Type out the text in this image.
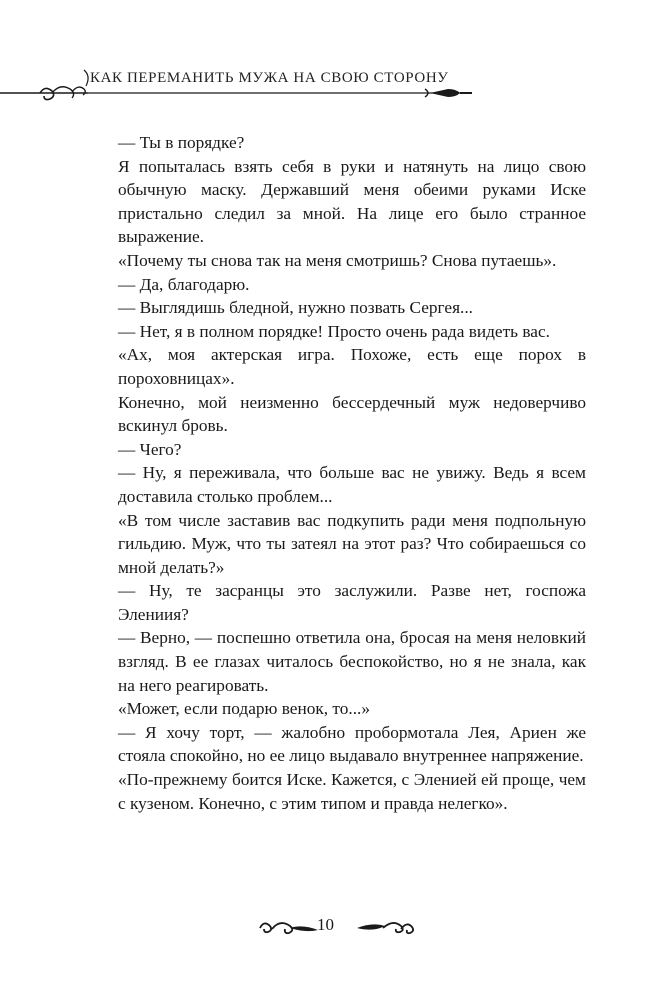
КАК ПЕРЕМАНИТЬ МУЖА НА СВОЮ СТОРОНУ

— Ты в порядке?

Я попыталась взять себя в руки и натянуть на лицо свою обычную маску. Державший меня обеими руками Иске пристально следил за мной. На лице его было странное выражение.

«Почему ты снова так на меня смотришь? Снова путаешь».

— Да, благодарю.

— Выглядишь бледной, нужно позвать Сергея...

— Нет, я в полном порядке! Просто очень рада видеть вас.

«Ах, моя актерская игра. Похоже, есть еще порох в пороховницах».

Конечно, мой неизменно бессердечный муж недоверчиво вскинул бровь.

— Чего?

— Ну, я переживала, что больше вас не увижу. Ведь я всем доставила столько проблем...

«В том числе заставив вас подкупить ради меня подпольную гильдию. Муж, что ты затеял на этот раз? Что собираешься со мной делать?»

— Ну, те засранцы это заслужили. Разве нет, госпожа Элениия?

— Верно, — поспешно ответила она, бросая на меня неловкий взгляд. В ее глазах читалось беспокойство, но я не знала, как на него реагировать.

«Может, если подарю венок, то...»

— Я хочу торт, — жалобно пробормотала Лея, Ариен же стояла спокойно, но ее лицо выдавало внутреннее напряжение.

«По-прежнему боится Иске. Кажется, с Эленией ей проще, чем с кузеном. Конечно, с этим типом и правда нелегко».

10
